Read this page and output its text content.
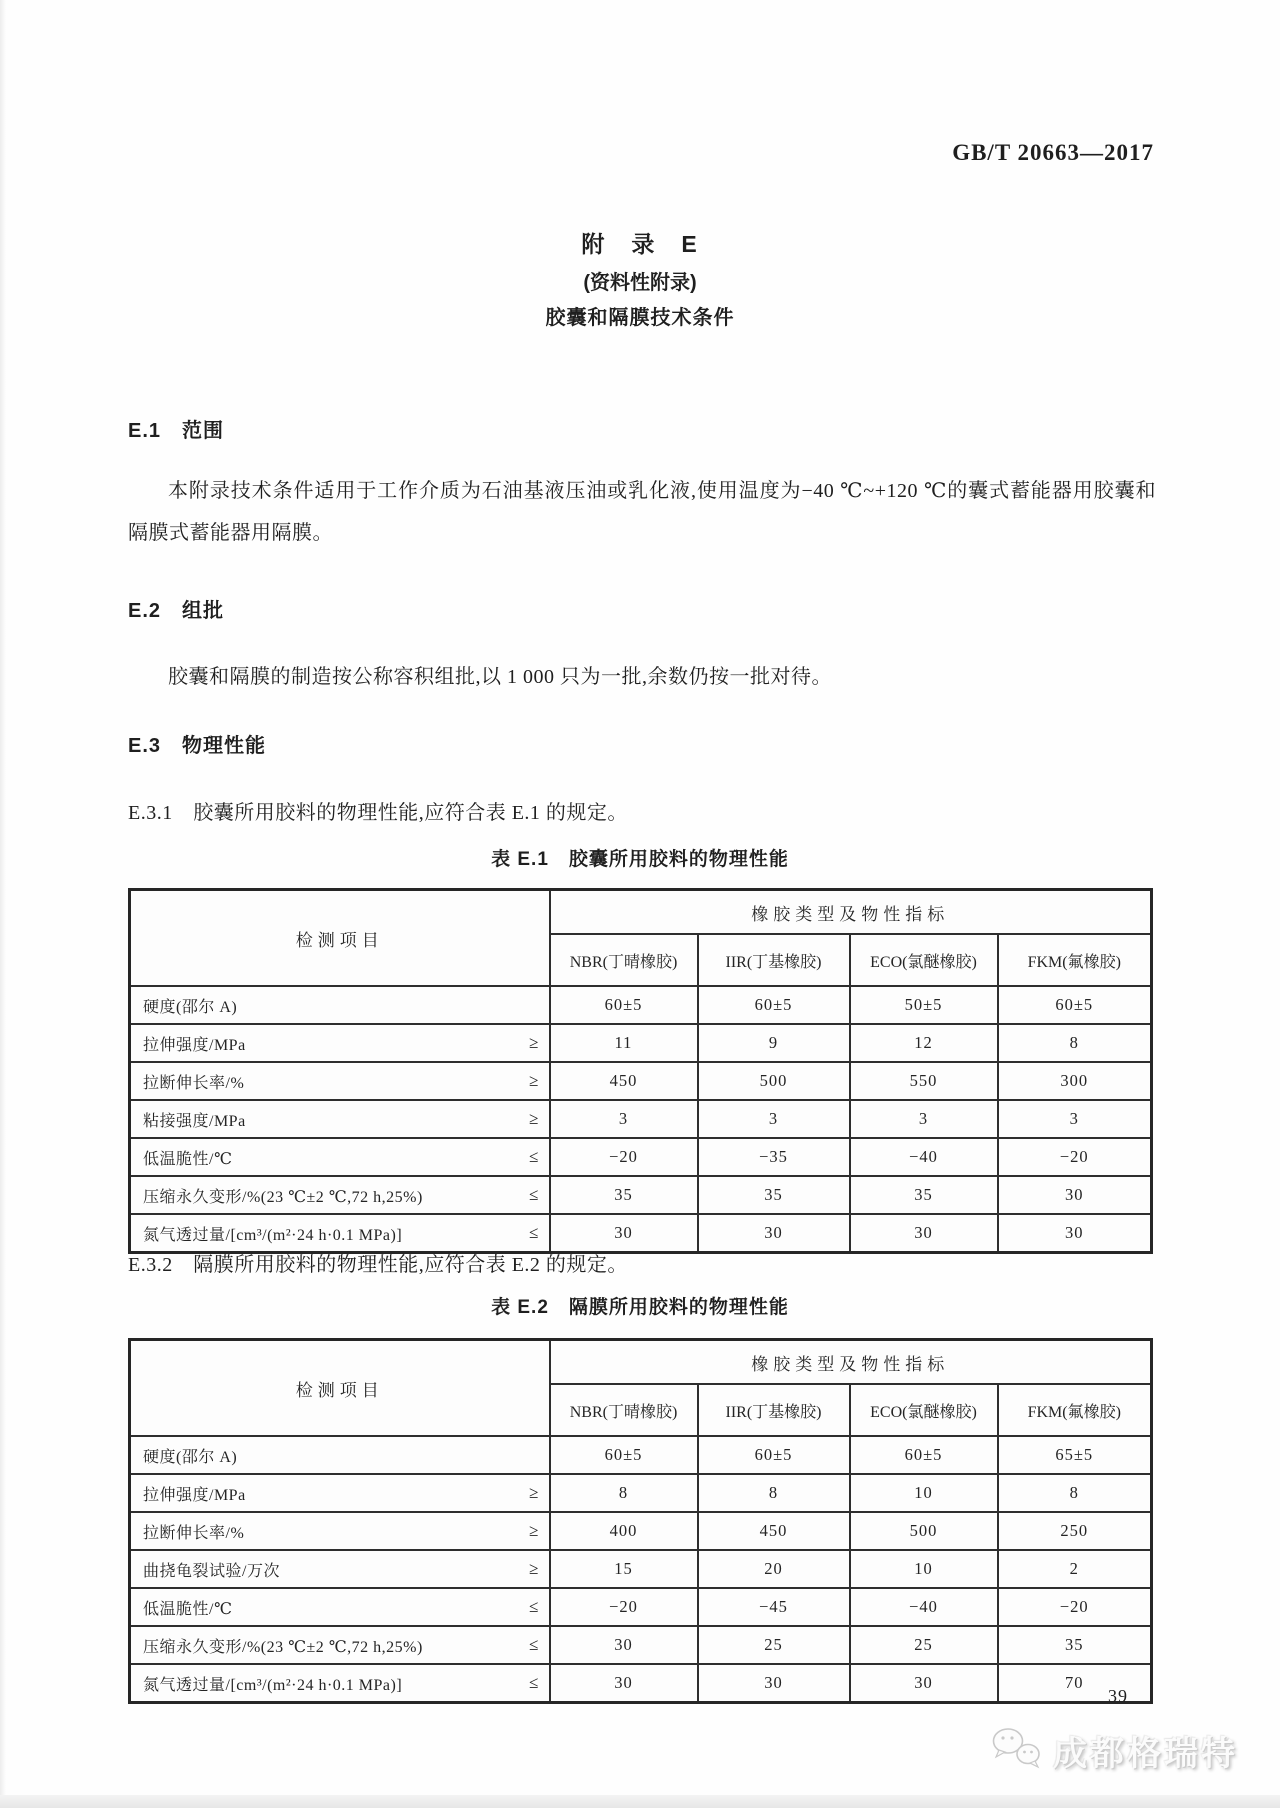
GB/T 20663—2017
附　录　E
(资料性附录)
胶囊和隔膜技术条件
E.1　范围
本附录技术条件适用于工作介质为石油基液压油或乳化液,使用温度为−40 ℃~+120 ℃的囊式蓄能器用胶囊和隔膜式蓄能器用隔膜。
E.2　组批
胶囊和隔膜的制造按公称容积组批,以 1 000 只为一批,余数仍按一批对待。
E.3　物理性能
E.3.1　胶囊所用胶料的物理性能,应符合表 E.1 的规定。
表 E.1　胶囊所用胶料的物理性能
检测项目	橡胶类型及物性指标			
	NBR(丁晴橡胶)	IIR(丁基橡胶)	ECO(氯醚橡胶)	FKM(氟橡胶)

硬度(邵尔 A)	60±5	60±5	50±5	60±5

拉伸强度/MPa ≥	11	9	12	8

拉断伸长率/% ≥	450	500	550	300

粘接强度/MPa ≥	3	3	3	3

低温脆性/℃ ≤	−20	−35	−40	−20

压缩永久变形/%(23 ℃±2 ℃,72 h,25%) ≤	35	35	35	30

氮气透过量/[cm³/(m²·24 h·0.1 MPa)] ≤	30	30	30	30
E.3.2　隔膜所用胶料的物理性能,应符合表 E.2 的规定。
表 E.2　隔膜所用胶料的物理性能
检测项目	橡胶类型及物性指标			
	NBR(丁晴橡胶)	IIR(丁基橡胶)	ECO(氯醚橡胶)	FKM(氟橡胶)

硬度(邵尔 A)	60±5	60±5	60±5	65±5

拉伸强度/MPa ≥	8	8	10	8

拉断伸长率/% ≥	400	450	500	250

曲挠龟裂试验/万次 ≥	15	20	10	2

低温脆性/℃ ≤	−20	−45	−40	−20

压缩永久变形/%(23 ℃±2 ℃,72 h,25%) ≤	30	25	25	35

氮气透过量/[cm³/(m²·24 h·0.1 MPa)] ≤	30	30	30	70
39
成都格瑞特
